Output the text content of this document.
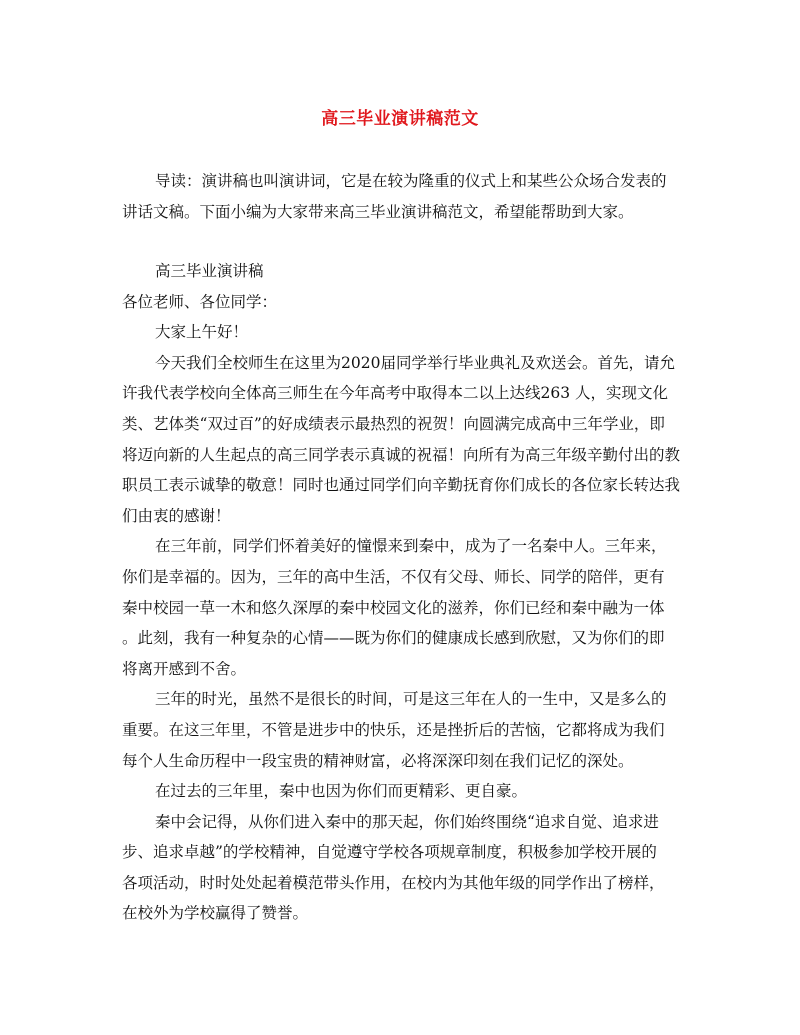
高三毕业演讲稿范文
导读：演讲稿也叫演讲词，它是在较为隆重的仪式上和某些公众场合发表的
讲话文稿。下面小编为大家带来高三毕业演讲稿范文，希望能帮助到大家。
高三毕业演讲稿
各位老师、各位同学：
大家上午好！
今天我们全校师生在这里为2020届同学举行毕业典礼及欢送会。首先，请允
许我代表学校向全体高三师生在今年高考中取得本二以上达线263 人，实现文化
类、艺体类“双过百”的好成绩表示最热烈的祝贺！向圆满完成高中三年学业，即
将迈向新的人生起点的高三同学表示真诚的祝福！向所有为高三年级辛勤付出的教
职员工表示诚挚的敬意！同时也通过同学们向辛勤抚育你们成长的各位家长转达我
们由衷的感谢！
在三年前，同学们怀着美好的憧憬来到秦中，成为了一名秦中人。三年来，
你们是幸福的。因为，三年的高中生活，不仅有父母、师长、同学的陪伴，更有
秦中校园一草一木和悠久深厚的秦中校园文化的滋养，你们已经和秦中融为一体
。此刻，我有一种复杂的心情——既为你们的健康成长感到欣慰，又为你们的即
将离开感到不舍。
三年的时光，虽然不是很长的时间，可是这三年在人的一生中，又是多么的
重要。在这三年里，不管是进步中的快乐，还是挫折后的苦恼，它都将成为我们
每个人生命历程中一段宝贵的精神财富，必将深深印刻在我们记忆的深处。
在过去的三年里，秦中也因为你们而更精彩、更自豪。
秦中会记得，从你们进入秦中的那天起，你们始终围绕“追求自觉、追求进
步、追求卓越”的学校精神，自觉遵守学校各项规章制度，积极参加学校开展的
各项活动，时时处处起着模范带头作用，在校内为其他年级的同学作出了榜样，
在校外为学校赢得了赞誉。
